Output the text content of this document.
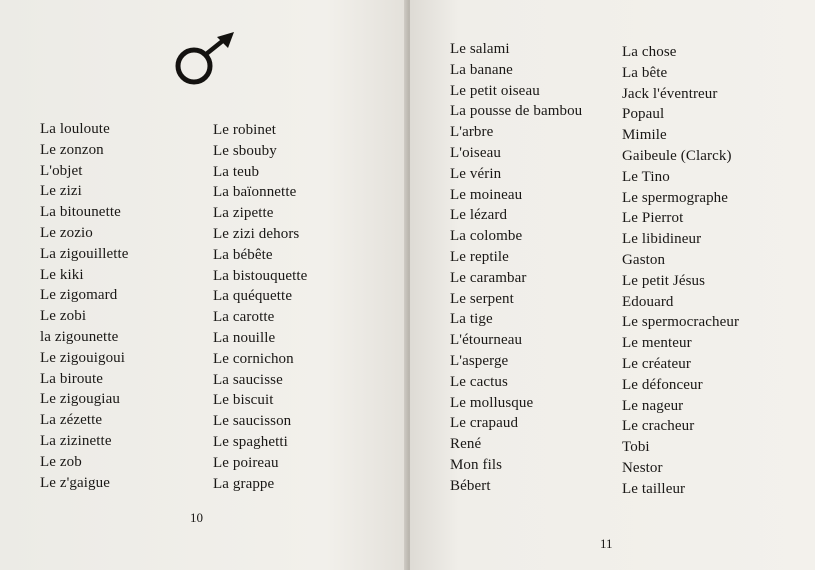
La louloute
Le zonzon
L'objet
Le zizi
La bitounette
Le zozio
La zigouillette
Le kiki
Le zigomard
Le zobi
la zigounette
Le zigouigoui
La biroute
Le zigougiau
La zézette
La zizinette
Le zob
Le z'gaigue
Le robinet
Le sbouby
La teub
La baïonnette
La zipette
Le zizi dehors
La bébête
La bistouquette
La quéquette
La carotte
La nouille
Le cornichon
La saucisse
Le biscuit
Le saucisson
Le spaghetti
Le poireau
La grappe
10
Le salami
La banane
Le petit oiseau
La pousse de bambou
L'arbre
L'oiseau
Le vérin
Le moineau
Le lézard
La colombe
Le reptile
Le carambar
Le serpent
La tige
L'étourneau
L'asperge
Le cactus
Le mollusque
Le crapaud
René
Mon fils
Bébert
La chose
La bête
Jack l'éventreur
Popaul
Mimile
Gaibeule (Clarck)
Le Tino
Le spermographe
Le Pierrot
Le libidineur
Gaston
Le petit Jésus
Edouard
Le spermocracheur
Le menteur
Le créateur
Le défonceur
Le nageur
Le cracheur
Tobi
Nestor
Le tailleur
11
